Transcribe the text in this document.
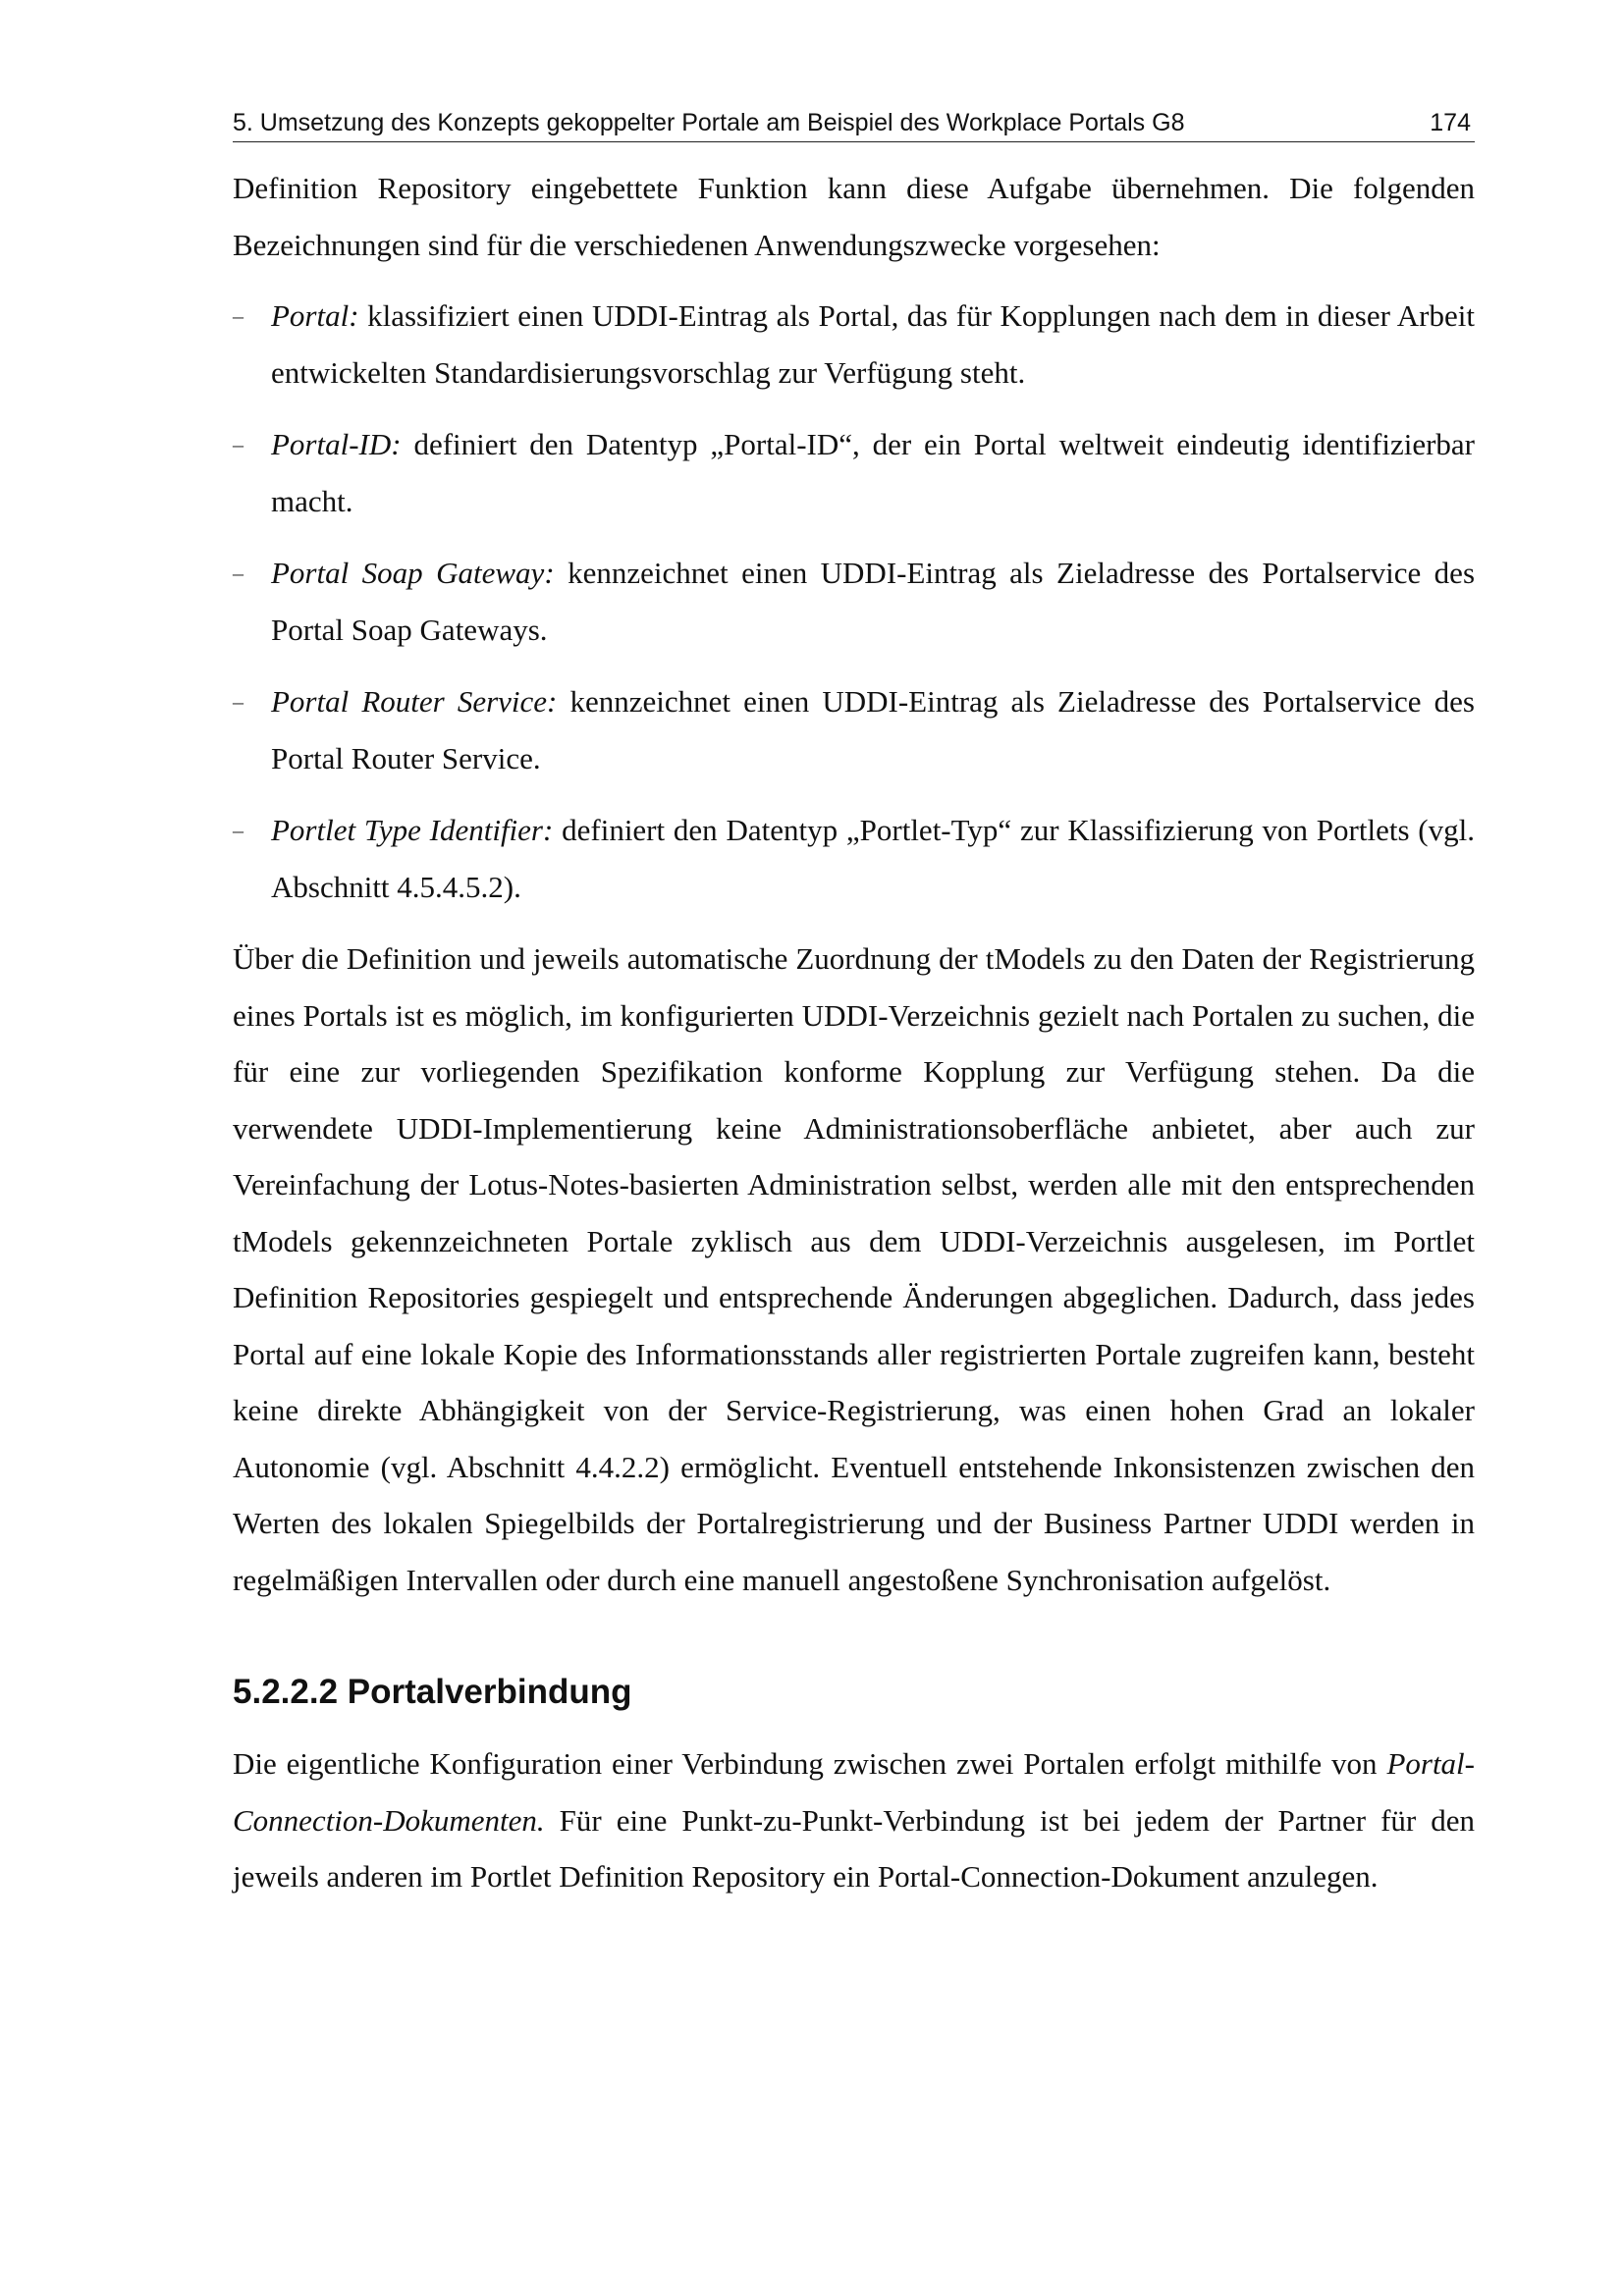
5. Umsetzung des Konzepts gekoppelter Portale am Beispiel des Workplace Portals G8	174

Definition Repository eingebettete Funktion kann diese Aufgabe übernehmen. Die folgenden Bezeichnungen sind für die verschiedenen Anwendungszwecke vorgesehen:

– Portal: klassifiziert einen UDDI-Eintrag als Portal, das für Kopplungen nach dem in dieser Arbeit entwickelten Standardisierungsvorschlag zur Verfügung steht.
– Portal-ID: definiert den Datentyp „Portal-ID“, der ein Portal weltweit eindeutig identifizierbar macht.
– Portal Soap Gateway: kennzeichnet einen UDDI-Eintrag als Zieladresse des Portalservice des Portal Soap Gateways.
– Portal Router Service: kennzeichnet einen UDDI-Eintrag als Zieladresse des Portalservice des Portal Router Service.
– Portlet Type Identifier: definiert den Datentyp „Portlet-Typ“ zur Klassifizierung von Portlets (vgl. Abschnitt 4.5.4.5.2).

Über die Definition und jeweils automatische Zuordnung der tModels zu den Daten der Registrierung eines Portals ist es möglich, im konfigurierten UDDI-Verzeichnis gezielt nach Portalen zu suchen, die für eine zur vorliegenden Spezifikation konforme Kopplung zur Verfügung stehen. Da die verwendete UDDI-Implementierung keine Administrationsoberfläche anbietet, aber auch zur Vereinfachung der Lotus-Notes-basierten Administration selbst, werden alle mit den entsprechenden tModels gekennzeichneten Portale zyklisch aus dem UDDI-Verzeichnis ausgelesen, im Portlet Definition Repositories gespiegelt und entsprechende Änderungen abgeglichen. Dadurch, dass jedes Portal auf eine lokale Kopie des Informationsstands aller registrierten Portale zugreifen kann, besteht keine direkte Abhängigkeit von der Service-Registrierung, was einen hohen Grad an lokaler Autonomie (vgl. Abschnitt 4.4.2.2) ermöglicht. Eventuell entstehende Inkonsistenzen zwischen den Werten des lokalen Spiegelbilds der Portalregistrierung und der Business Partner UDDI werden in regelmäßigen Intervallen oder durch eine manuell angestoßene Synchronisation aufgelöst.

5.2.2.2 Portalverbindung

Die eigentliche Konfiguration einer Verbindung zwischen zwei Portalen erfolgt mithilfe von Portal-Connection-Dokumenten. Für eine Punkt-zu-Punkt-Verbindung ist bei jedem der Partner für den jeweils anderen im Portlet Definition Repository ein Portal-Connection-Dokument anzulegen.
